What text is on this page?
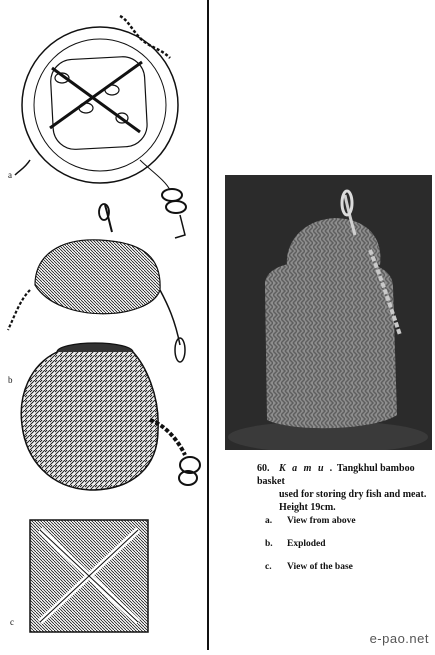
a
b
c
60. K a m u . Tangkhul bamboo basket
used for storing dry fish and meat.
Height 19cm.
a. View from above
b. Exploded
c. View of the base
e-pao.net
